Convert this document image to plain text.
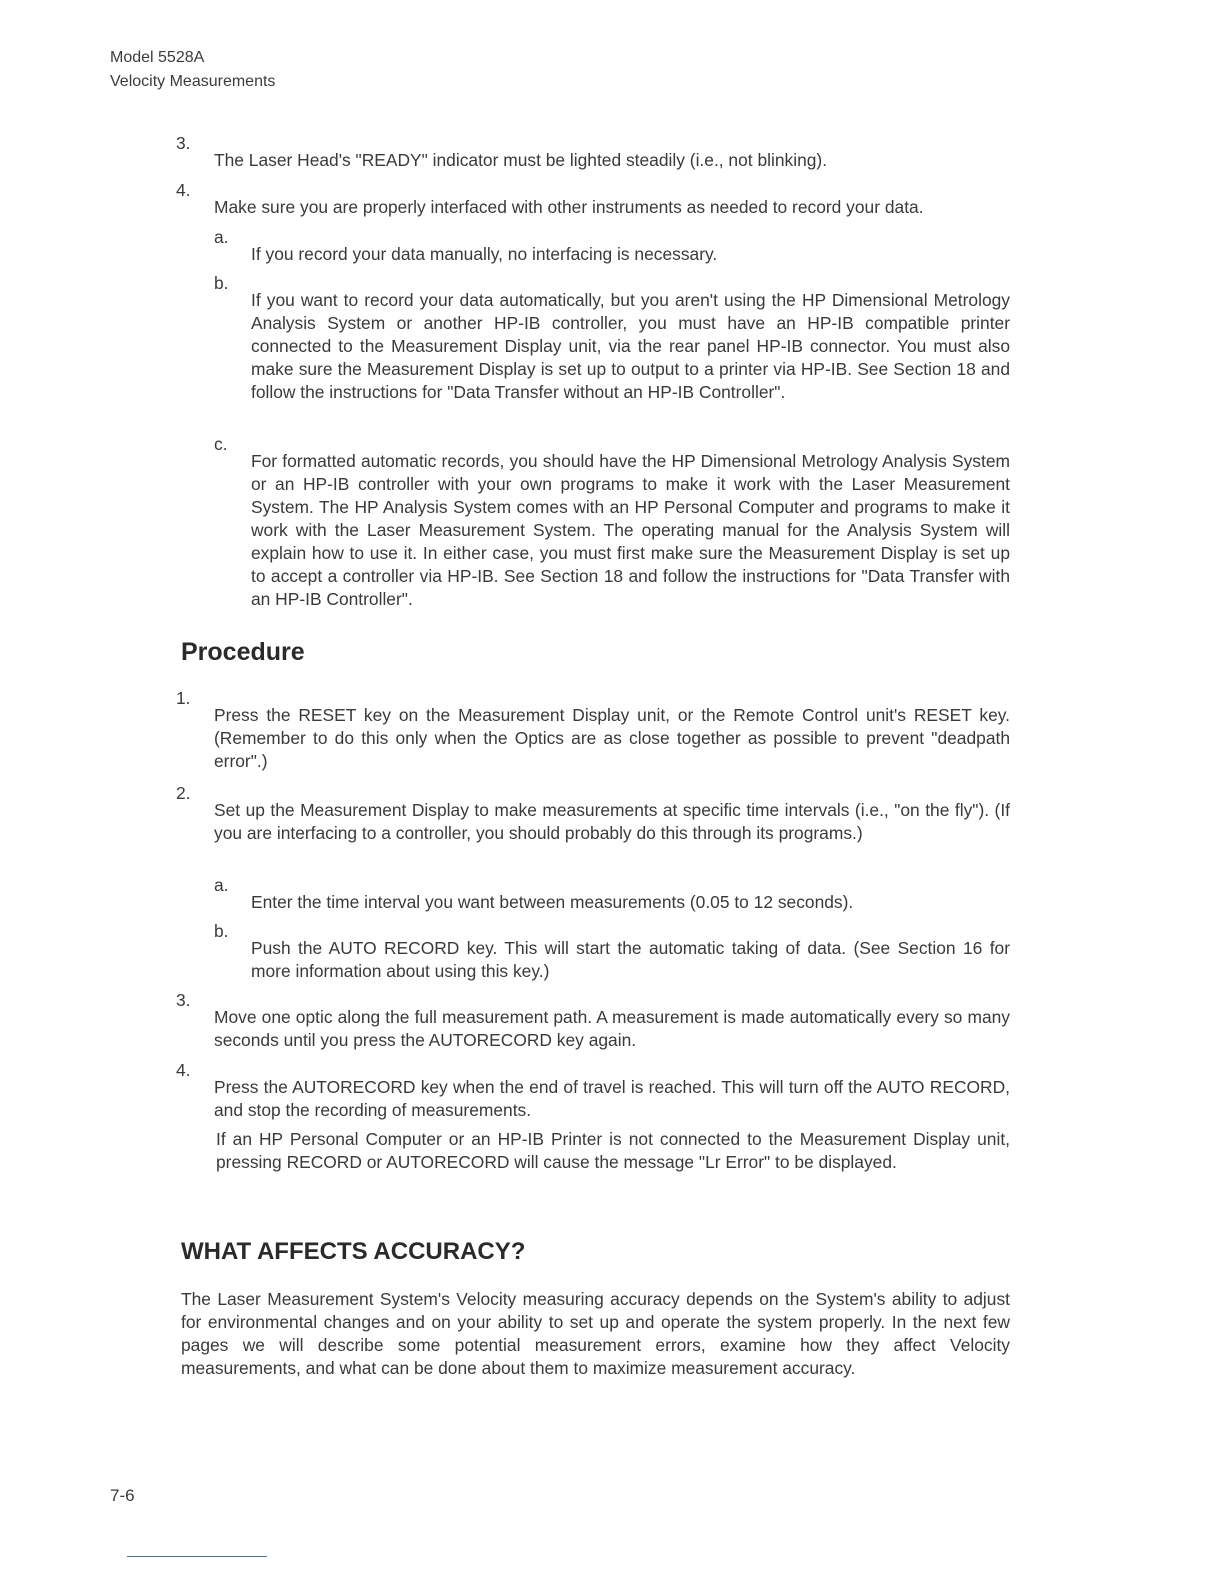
Model 5528A
Velocity Measurements
3.

The Laser Head's "READY" indicator must be lighted steadily (i.e., not blinking).

4.

Make sure you are properly interfaced with other instruments as needed to record your data.

a.

If you record your data manually, no interfacing is necessary.

b.

If you want to record your data automatically, but you aren't using the HP Dimensional Metrology Analysis System or another HP-IB controller, you must have an HP-IB compatible printer connected to the Measurement Display unit, via the rear panel HP-IB connector. You must also make sure the Measurement Display is set up to output to a printer via HP-IB. See Section 18 and follow the instructions for "Data Transfer without an HP-IB Controller".

c.

For formatted automatic records, you should have the HP Dimensional Metrology Analysis System or an HP-IB controller with your own programs to make it work with the Laser Measurement System. The HP Analysis System comes with an HP Personal Computer and programs to make it work with the Laser Measurement System. The operating manual for the Analysis System will explain how to use it. In either case, you must first make sure the Measurement Display is set up to accept a controller via HP-IB. See Section 18 and follow the instructions for "Data Transfer with an HP-IB Controller".

Procedure
1.

Press the RESET key on the Measurement Display unit, or the Remote Control unit's RESET key. (Remember to do this only when the Optics are as close together as possible to prevent "deadpath error".)

2.

Set up the Measurement Display to make measurements at specific time intervals (i.e., "on the fly"). (If you are interfacing to a controller, you should probably do this through its programs.)

a.

Enter the time interval you want between measurements (0.05 to 12 seconds).

b.

Push the AUTO RECORD key. This will start the automatic taking of data. (See Section 16 for more information about using this key.)

3.

Move one optic along the full measurement path. A measurement is made automatically every so many seconds until you press the AUTORECORD key again.

4.

Press the AUTORECORD key when the end of travel is reached. This will turn off the AUTO RECORD, and stop the recording of measurements.

If an HP Personal Computer or an HP-IB Printer is not connected to the Measurement Display unit, pressing RECORD or AUTORECORD will cause the message "Lr Error" to be displayed.

WHAT AFFECTS ACCURACY?

The Laser Measurement System's Velocity measuring accuracy depends on the System's ability to adjust for environmental changes and on your ability to set up and operate the system properly. In the next few pages we will describe some potential measurement errors, examine how they affect Velocity measurements, and what can be done about them to maximize measurement accuracy.

7-6
